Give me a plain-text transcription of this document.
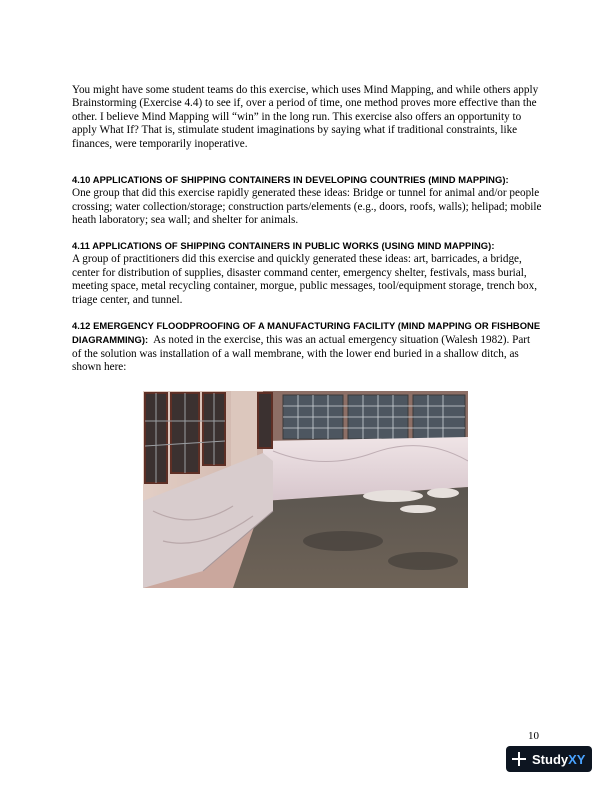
You might have some student teams do this exercise, which uses Mind Mapping, and while others apply Brainstorming (Exercise 4.4) to see if, over a period of time, one method proves more effective than the other. I believe Mind Mapping will “win” in the long run. This exercise also offers an opportunity to apply What If? That is, stimulate student imaginations by saying what if traditional constraints, like finances, were temporarily inoperative.
4.10 APPLICATIONS OF SHIPPING CONTAINERS IN DEVELOPING COUNTRIES (MIND MAPPING):
One group that did this exercise rapidly generated these ideas: Bridge or tunnel for animal and/or people crossing; water collection/storage; construction parts/elements (e.g., doors, roofs, walls); helipad; mobile heath laboratory; sea wall; and shelter for animals.
4.11 APPLICATIONS OF SHIPPING CONTAINERS IN PUBLIC WORKS (USING MIND MAPPING):
A group of practitioners did this exercise and quickly generated these ideas: art, barricades, a bridge, center for distribution of supplies, disaster command center, emergency shelter, festivals, mass burial, meeting space, metal recycling container, morgue, public messages, tool/equipment storage, trench box, triage center, and tunnel.
4.12 EMERGENCY FLOODPROOFING OF A MANUFACTURING FACILITY (MIND MAPPING OR FISHBONE DIAGRAMMING):  As noted in the exercise, this was an actual emergency situation (Walesh 1982). Part of the solution was installation of a wall membrane, with the lower end buried in a shallow ditch, as shown here:
10
StudyXY
